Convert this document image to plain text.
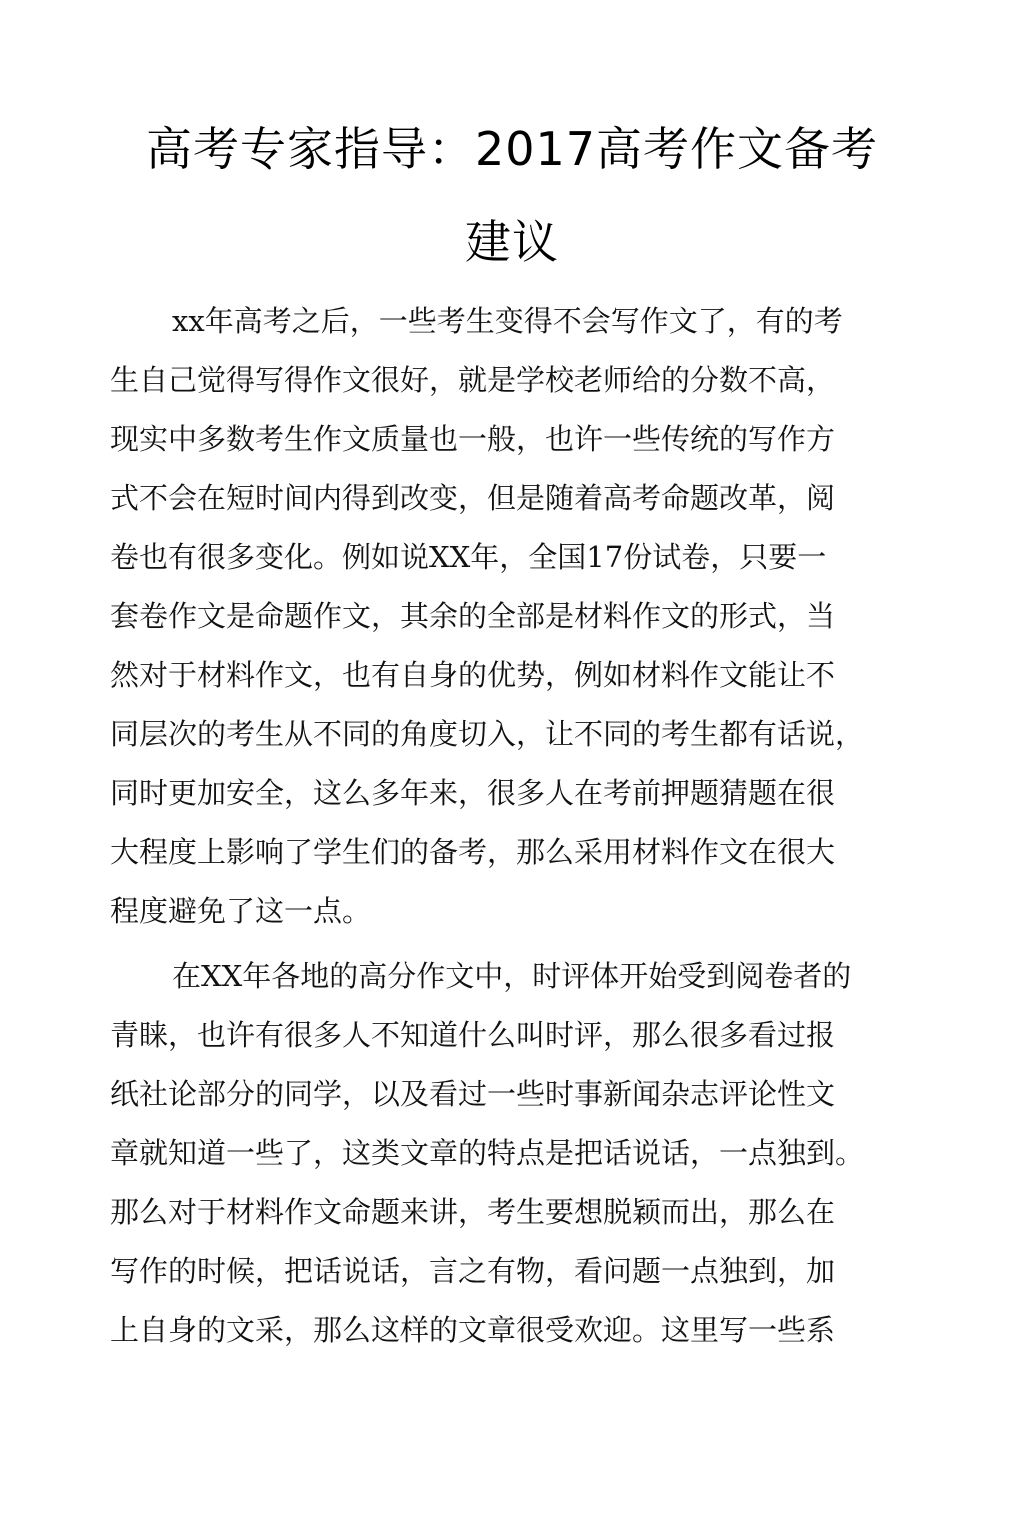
高考专家指导：2017高考作文备考
建议
xx年高考之后，一些考生变得不会写作文了，有的考
生自己觉得写得作文很好，就是学校老师给的分数不高，
现实中多数考生作文质量也一般，也许一些传统的写作方
式不会在短时间内得到改变，但是随着高考命题改革，阅
卷也有很多变化。例如说XX年，全国17份试卷，只要一
套卷作文是命题作文，其余的全部是材料作文的形式，当
然对于材料作文，也有自身的优势，例如材料作文能让不
同层次的考生从不同的角度切入，让不同的考生都有话说，
同时更加安全，这么多年来，很多人在考前押题猜题在很
大程度上影响了学生们的备考，那么采用材料作文在很大
程度避免了这一点。
在XX年各地的高分作文中，时评体开始受到阅卷者的
青睐，也许有很多人不知道什么叫时评，那么很多看过报
纸社论部分的同学，以及看过一些时事新闻杂志评论性文
章就知道一些了，这类文章的特点是把话说话，一点独到。
那么对于材料作文命题来讲，考生要想脱颖而出，那么在
写作的时候，把话说话，言之有物，看问题一点独到，加
上自身的文采，那么这样的文章很受欢迎。这里写一些系
